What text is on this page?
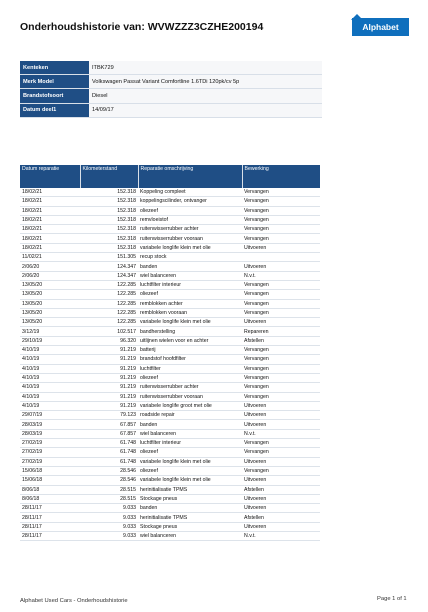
Onderhoudshistorie van: WVWZZZ3CZHE200194	Alphabet
Kenteken	ITBK729
Merk Model	Volkswagen Passat Variant Comfortline 1.6TDi 120pk/cv 5p
Brandstofsoort	Diesel
Datum deel1	14/09/17
Datum reparatie	Kilometerstand	Reparatie omschrijving	Bewerking
18/02/21	152.318	Koppeling compleet	Vervangen
18/02/21	152.318	koppelingscilinder, ontvanger	Vervangen
18/02/21	152.318	oliezeef	Vervangen
18/02/21	152.318	remvloeistof	Vervangen
18/02/21	152.318	ruitenwisserrubber achter	Vervangen
18/02/21	152.318	ruitenwisserrubber vooraan	Vervangen
18/02/21	152.318	variabele longlife klein met olie	Uitvoeren
11/02/21	151.305	recup stock	
2/06/20	124.347	banden	Uitvoeren
2/06/20	124.347	wiel balanceren	N.v.t.
13/05/20	122.285	luchtfilter interieur	Vervangen
13/05/20	122.285	oliezeef	Vervangen
13/05/20	122.285	remblokken achter	Vervangen
13/05/20	122.285	remblokken vooraan	Vervangen
13/05/20	122.285	variabele longlife klein met olie	Uitvoeren
3/12/19	102.517	bandherstelling	Repareren
29/10/19	96.320	uitlijnen wielen voor en achter	Afstellen
4/10/19	91.219	batterij	Vervangen
4/10/19	91.219	brandstof hoofdfilter	Vervangen
4/10/19	91.219	luchtfilter	Vervangen
4/10/19	91.219	oliezeef	Vervangen
4/10/19	91.219	ruitenwisserrubber achter	Vervangen
4/10/19	91.219	ruitenwisserrubber vooraan	Vervangen
4/10/19	91.219	variabele longlife groot met olie	Uitvoeren
29/07/19	79.123	roadside repair	Uitvoeren
28/03/19	67.857	banden	Uitvoeren
28/03/19	67.857	wiel balanceren	N.v.t.
27/02/19	61.748	luchtfilter interieur	Vervangen
27/02/19	61.748	oliezeef	Vervangen
27/02/19	61.748	variabele longlife klein met olie	Uitvoeren
15/06/18	28.546	oliezeef	Vervangen
15/06/18	28.546	variabele longlife klein met olie	Uitvoeren
8/06/18	28.515	herinitialisatie TPMS	Afstellen
8/06/18	28.515	Stockage pneus	Uitvoeren
28/11/17	9.033	banden	Uitvoeren
28/11/17	9.033	herinitialisatie TPMS	Afstellen
28/11/17	9.033	Stockage pneus	Uitvoeren
28/11/17	9.033	wiel balanceren	N.v.t.
Alphabet Used Cars - Onderhoudshistorie	Page 1 of 1
